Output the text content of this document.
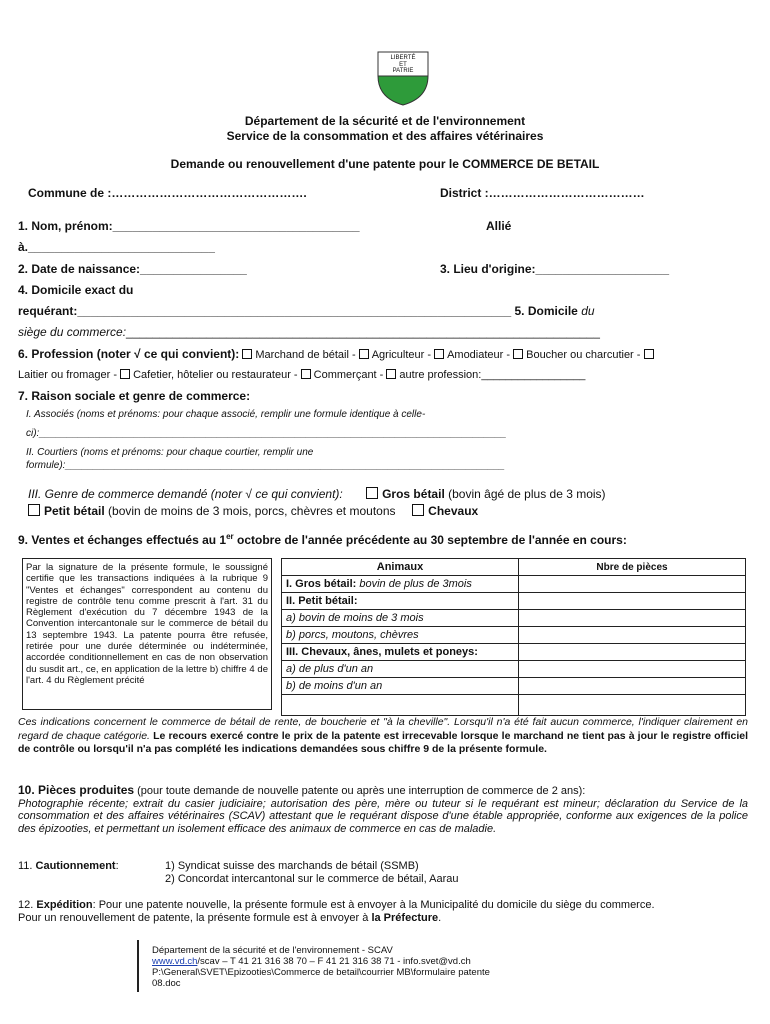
LIBERTÉ
ET
PATRIE
Département de la sécurité et de l'environnement
Service de la consommation et des affaires vétérinaires
Demande ou renouvellement d'une patente pour le COMMERCE DE BETAIL
Commune de :………………………………………….	District :…………………………………
1. Nom, prénom:_____________________________________	Allié
à.____________________________
2. Date de naissance:________________	3. Lieu d'origine:____________________
4. Domicile exact du
requérant:_________________________________________________________________ 5. Domicile du
siège du commerce:_______________________________________________________________________
6. Profession (noter √ ce qui convient): Marchand de bétail - Agriculteur - Amodiateur - Boucher ou charcutier -
Laitier ou fromager - Cafetier, hôtelier ou restaurateur - Commerçant - autre profession:_________________
7. Raison sociale et genre de commerce:
I. Associés (noms et prénoms: pour chaque associé, remplir une formule identique à celle-
ci):____________________________________________________________________________________
II. Courtiers (noms et prénoms: pour chaque courtier, remplir une
formule):_______________________________________________________________________________
III. Genre de commerce demandé (noter √ ce qui convient):	Gros bétail (bovin âgé de plus de 3 mois)
Petit bétail (bovin de moins de 3 mois, porcs, chèvres et moutons	Chevaux
9. Ventes et échanges effectués au 1er octobre de l'année précédente au 30 septembre de l'année en cours:
Par la signature de la présente formule, le soussigné certifie que les transactions indiquées à la rubrique 9 "Ventes et échanges" correspondent au contenu du registre de contrôle tenu comme prescrit à l'art. 31 du Règlement d'exécution du 7 décembre 1943 de la Convention intercantonale sur le commerce de bétail du 13 septembre 1943. La patente pourra être refusée, retirée pour une durée déterminée ou indéterminée, accordée conditionnellement en cas de non observation du susdit art., ce, en application de la lettre b) chiffre 4 de l'art. 4 du Règlement précité
Animaux	Nbre de pièces
I. Gros bétail: bovin de plus de 3mois	
II. Petit bétail:	
a) bovin de moins de 3 mois	
b) porcs, moutons, chèvres	
III. Chevaux, ânes, mulets et poneys:	
a) de plus d'un an	
b) de moins d'un an	

Ces indications concernent le commerce de bétail de rente, de boucherie et "à la cheville". Lorsqu'il n'a été fait aucun commerce, l'indiquer clairement en regard de chaque catégorie. Le recours exercé contre le prix de la patente est irrecevable lorsque le marchand ne tient pas à jour le registre officiel de contrôle ou lorsqu'il n'a pas complété les indications demandées sous chiffre 9 de la présente formule.
10. Pièces produites (pour toute demande de nouvelle patente ou après une interruption de commerce de 2 ans):
Photographie récente; extrait du casier judiciaire; autorisation des père, mère ou tuteur si le requérant est mineur; déclaration du Service de la consommation et des affaires vétérinaires (SCAV) attestant que le requérant dispose d'une étable appropriée, conforme aux exigences de la police des épizooties, et permettant un isolement efficace des animaux de commerce en cas de maladie.
11. Cautionnement:	1) Syndicat suisse des marchands de bétail (SSMB)
2) Concordat intercantonal sur le commerce de bétail, Aarau
12. Expédition: Pour une patente nouvelle, la présente formule est à envoyer à la Municipalité du domicile du siège du commerce.
Pour un renouvellement de patente, la présente formule est à envoyer à la Préfecture.
Département de la sécurité et de l'environnement - SCAV
www.vd.ch/scav – T 41 21 316 38 70 – F 41 21 316 38 71 - info.svet@vd.ch
P:\General\SVET\Epizooties\Commerce de betail\courrier MB\formulaire patente
08.doc
